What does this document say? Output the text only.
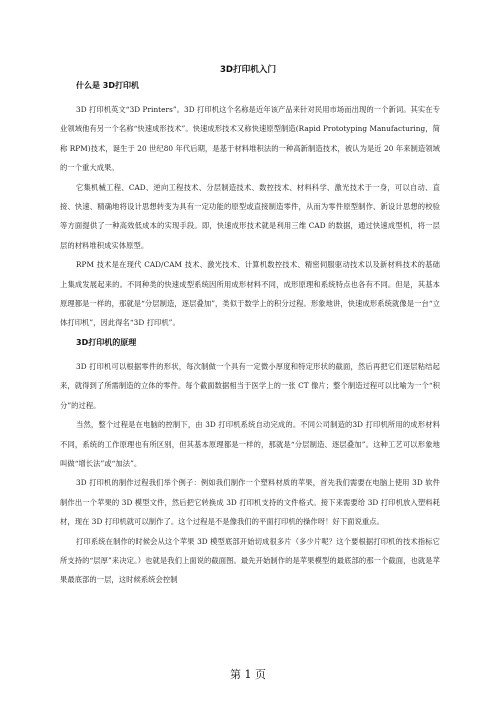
3D打印机入门
什么是 3D打印机

3D 打印机英文“3D Printers”。3D 打印机这个名称是近年该产品来针对民用市场而出现的一个新词。其实在专业领域他有另一个名称“快速成形技术”。快速成形技术又称快速原型制造(Rapid Prototyping Manufacturing，简称 RPM)技术，诞生于 20 世纪80 年代后期，是基于材料堆积法的一种高新制造技术，被认为是近 20 年来制造领域的一个重大成果。

它集机械工程、CAD、逆向工程技术、分层制造技术、数控技术、材料科学、激光技术于一身，可以自动、直接、快速、精确地将设计思想转变为具有一定功能的原型或直接制造零件，从而为零件原型制作、新设计思想的校验等方面提供了一种高效低成本的实现手段。即，快速成形技术就是利用三维 CAD 的数据，通过快速成型机，将一层层的材料堆积成实体原型。

RPM 技术是在现代 CAD/CAM 技术、激光技术、计算机数控技术、精密伺服驱动技术以及新材料技术的基础上集成发展起来的。不同种类的快速成型系统因所用成形材料不同，成形原理和系统特点也各有不同。但是，其基本原理都是一样的，那就是“分层制造，逐层叠加”，类似于数学上的积分过程。形象地讲，快速成形系统就像是一台“立体打印机”，因此得名“3D 打印机”。

3D打印机的原理

3D 打印机可以根据零件的形状，每次制做一个具有一定微小厚度和特定形状的截面，然后再把它们逐层粘结起来，就得到了所需制造的立体的零件。每个截面数据相当于医学上的一张 CT 像片；整个制造过程可以比喻为一个“积分”的过程。

当然，整个过程是在电脑的控制下，由 3D 打印机系统自动完成的。不同公司制造的3D 打印机所用的成形材料不同，系统的工作原理也有所区别，但其基本原理都是一样的，那就是“分层制造、逐层叠加”。这种工艺可以形象地叫做“增长法”或“加法”。

3D 打印机的制作过程我们举个例子：例如我们制作一个塑料材质的苹果，首先我们需要在电脑上使用 3D 软件制作出一个苹果的 3D 模型文件，然后把它转换成 3D 打印机支持的文件格式。接下来需要给 3D 打印机放入塑料耗材，现在 3D 打印机就可以制作了。这个过程是不是像我们的平面打印机的操作呀！好下面说重点。

打印系统在制作的时候会从这个苹果 3D 模型底部开始切成很多片（多少片呢？这个要根据打印机的技术指标它所支持的“层厚”来决定。）也就是我们上面说的截面图。最先开始制作的是苹果模型的最底部的那一个截面，也就是苹果最底部的一层，这时候系统会控制

第 1 页
